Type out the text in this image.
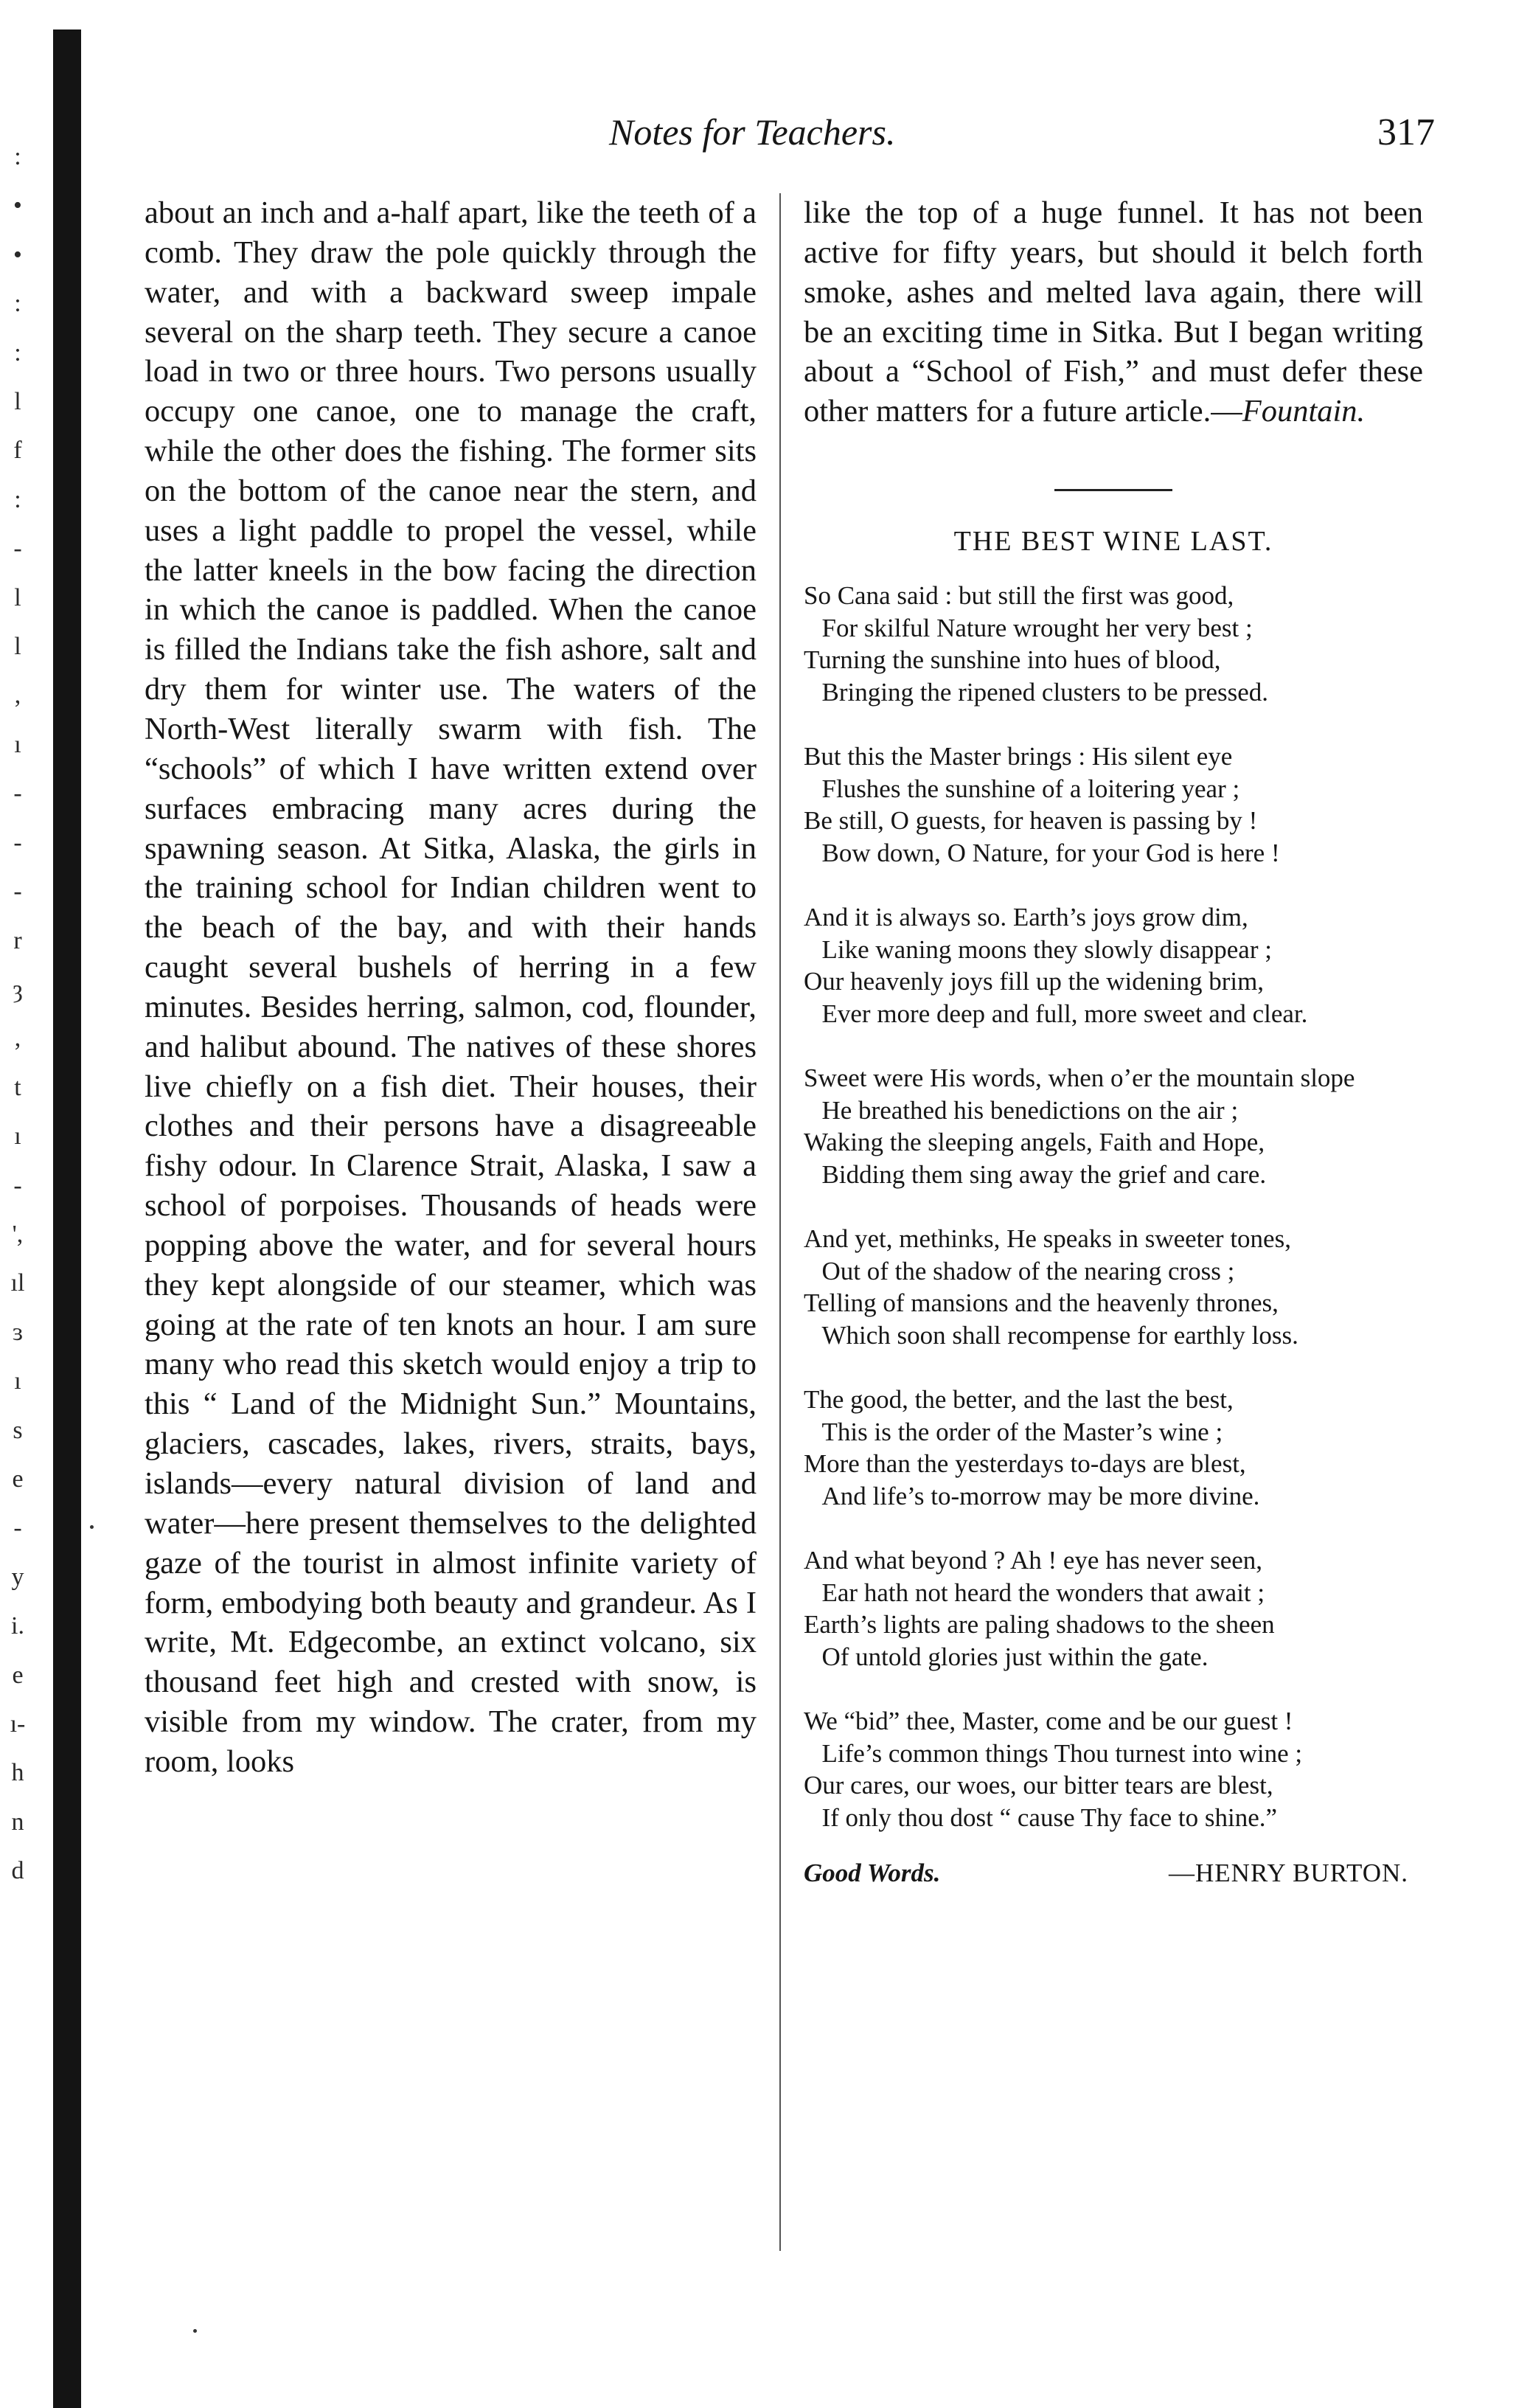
:
•
•
:
:
l
f
:
-
l
l
,
ı
-
-
-
r
ȝ
,
t
ı
-
',
ıl
ɜ
ı
s
e
-
y
i.
e
ı-
h
n
d
Notes for Teachers.	317

about an inch and a-half apart, like the teeth of a comb. They draw the pole quickly through the water, and with a backward sweep impale several on the sharp teeth. They secure a canoe load in two or three hours. Two persons usually occupy one canoe, one to manage the craft, while the other does the fishing. The former sits on the bottom of the canoe near the stern, and uses a light paddle to propel the vessel, while the latter kneels in the bow facing the direction in which the canoe is paddled. When the canoe is filled the Indians take the fish ashore, salt and dry them for winter use. The waters of the North-West literally swarm with fish. The “schools” of which I have written extend over surfaces embracing many acres during the spawning season. At Sitka, Alaska, the girls in the training school for Indian children went to the beach of the bay, and with their hands caught several bushels of herring in a few minutes. Besides herring, salmon, cod, flounder, and halibut abound. The natives of these shores live chiefly on a fish diet. Their houses, their clothes and their persons have a disagreeable fishy odour. In Clarence Strait, Alaska, I saw a school of porpoises. Thousands of heads were popping above the water, and for several hours they kept alongside of our steamer, which was going at the rate of ten knots an hour. I am sure many who read this sketch would enjoy a trip to this “ Land of the Midnight Sun.” Mountains, glaciers, cascades, lakes, rivers, straits, bays, islands—every natural division of land and water—here present themselves to the delighted gaze of the tourist in almost infinite variety of form, embodying both beauty and grandeur. As I write, Mt. Edgecombe, an extinct volcano, six thousand feet high and crested with snow, is visible from my window. The crater, from my room, looks

like the top of a huge funnel. It has not been active for fifty years, but should it belch forth smoke, ashes and melted lava again, there will be an exciting time in Sitka. But I began writing about a “School of Fish,” and must defer these other matters for a future article.—Fountain.

THE BEST WINE LAST.
So Cana said : but still the first was good,
For skilful Nature wrought her very best ;
Turning the sunshine into hues of blood,
Bringing the ripened clusters to be pressed.
But this the Master brings : His silent eye
Flushes the sunshine of a loitering year ;
Be still, O guests, for heaven is passing by !
Bow down, O Nature, for your God is here !
And it is always so. Earth’s joys grow dim,
Like waning moons they slowly disappear ;
Our heavenly joys fill up the widening brim,
Ever more deep and full, more sweet and clear.
Sweet were His words, when o’er the mountain slope
He breathed his benedictions on the air ;
Waking the sleeping angels, Faith and Hope,
Bidding them sing away the grief and care.
And yet, methinks, He speaks in sweeter tones,
Out of the shadow of the nearing cross ;
Telling of mansions and the heavenly thrones,
Which soon shall recompense for earthly loss.
The good, the better, and the last the best,
This is the order of the Master’s wine ;
More than the yesterdays to-days are blest,
And life’s to-morrow may be more divine.
And what beyond ? Ah ! eye has never seen,
Ear hath not heard the wonders that await ;
Earth’s lights are paling shadows to the sheen
Of untold glories just within the gate.
We “bid” thee, Master, come and be our guest !
Life’s common things Thou turnest into wine ;
Our cares, our woes, our bitter tears are blest,
If only thou dost “ cause Thy face to shine.”
Good Words.	—HENRY BURTON.
